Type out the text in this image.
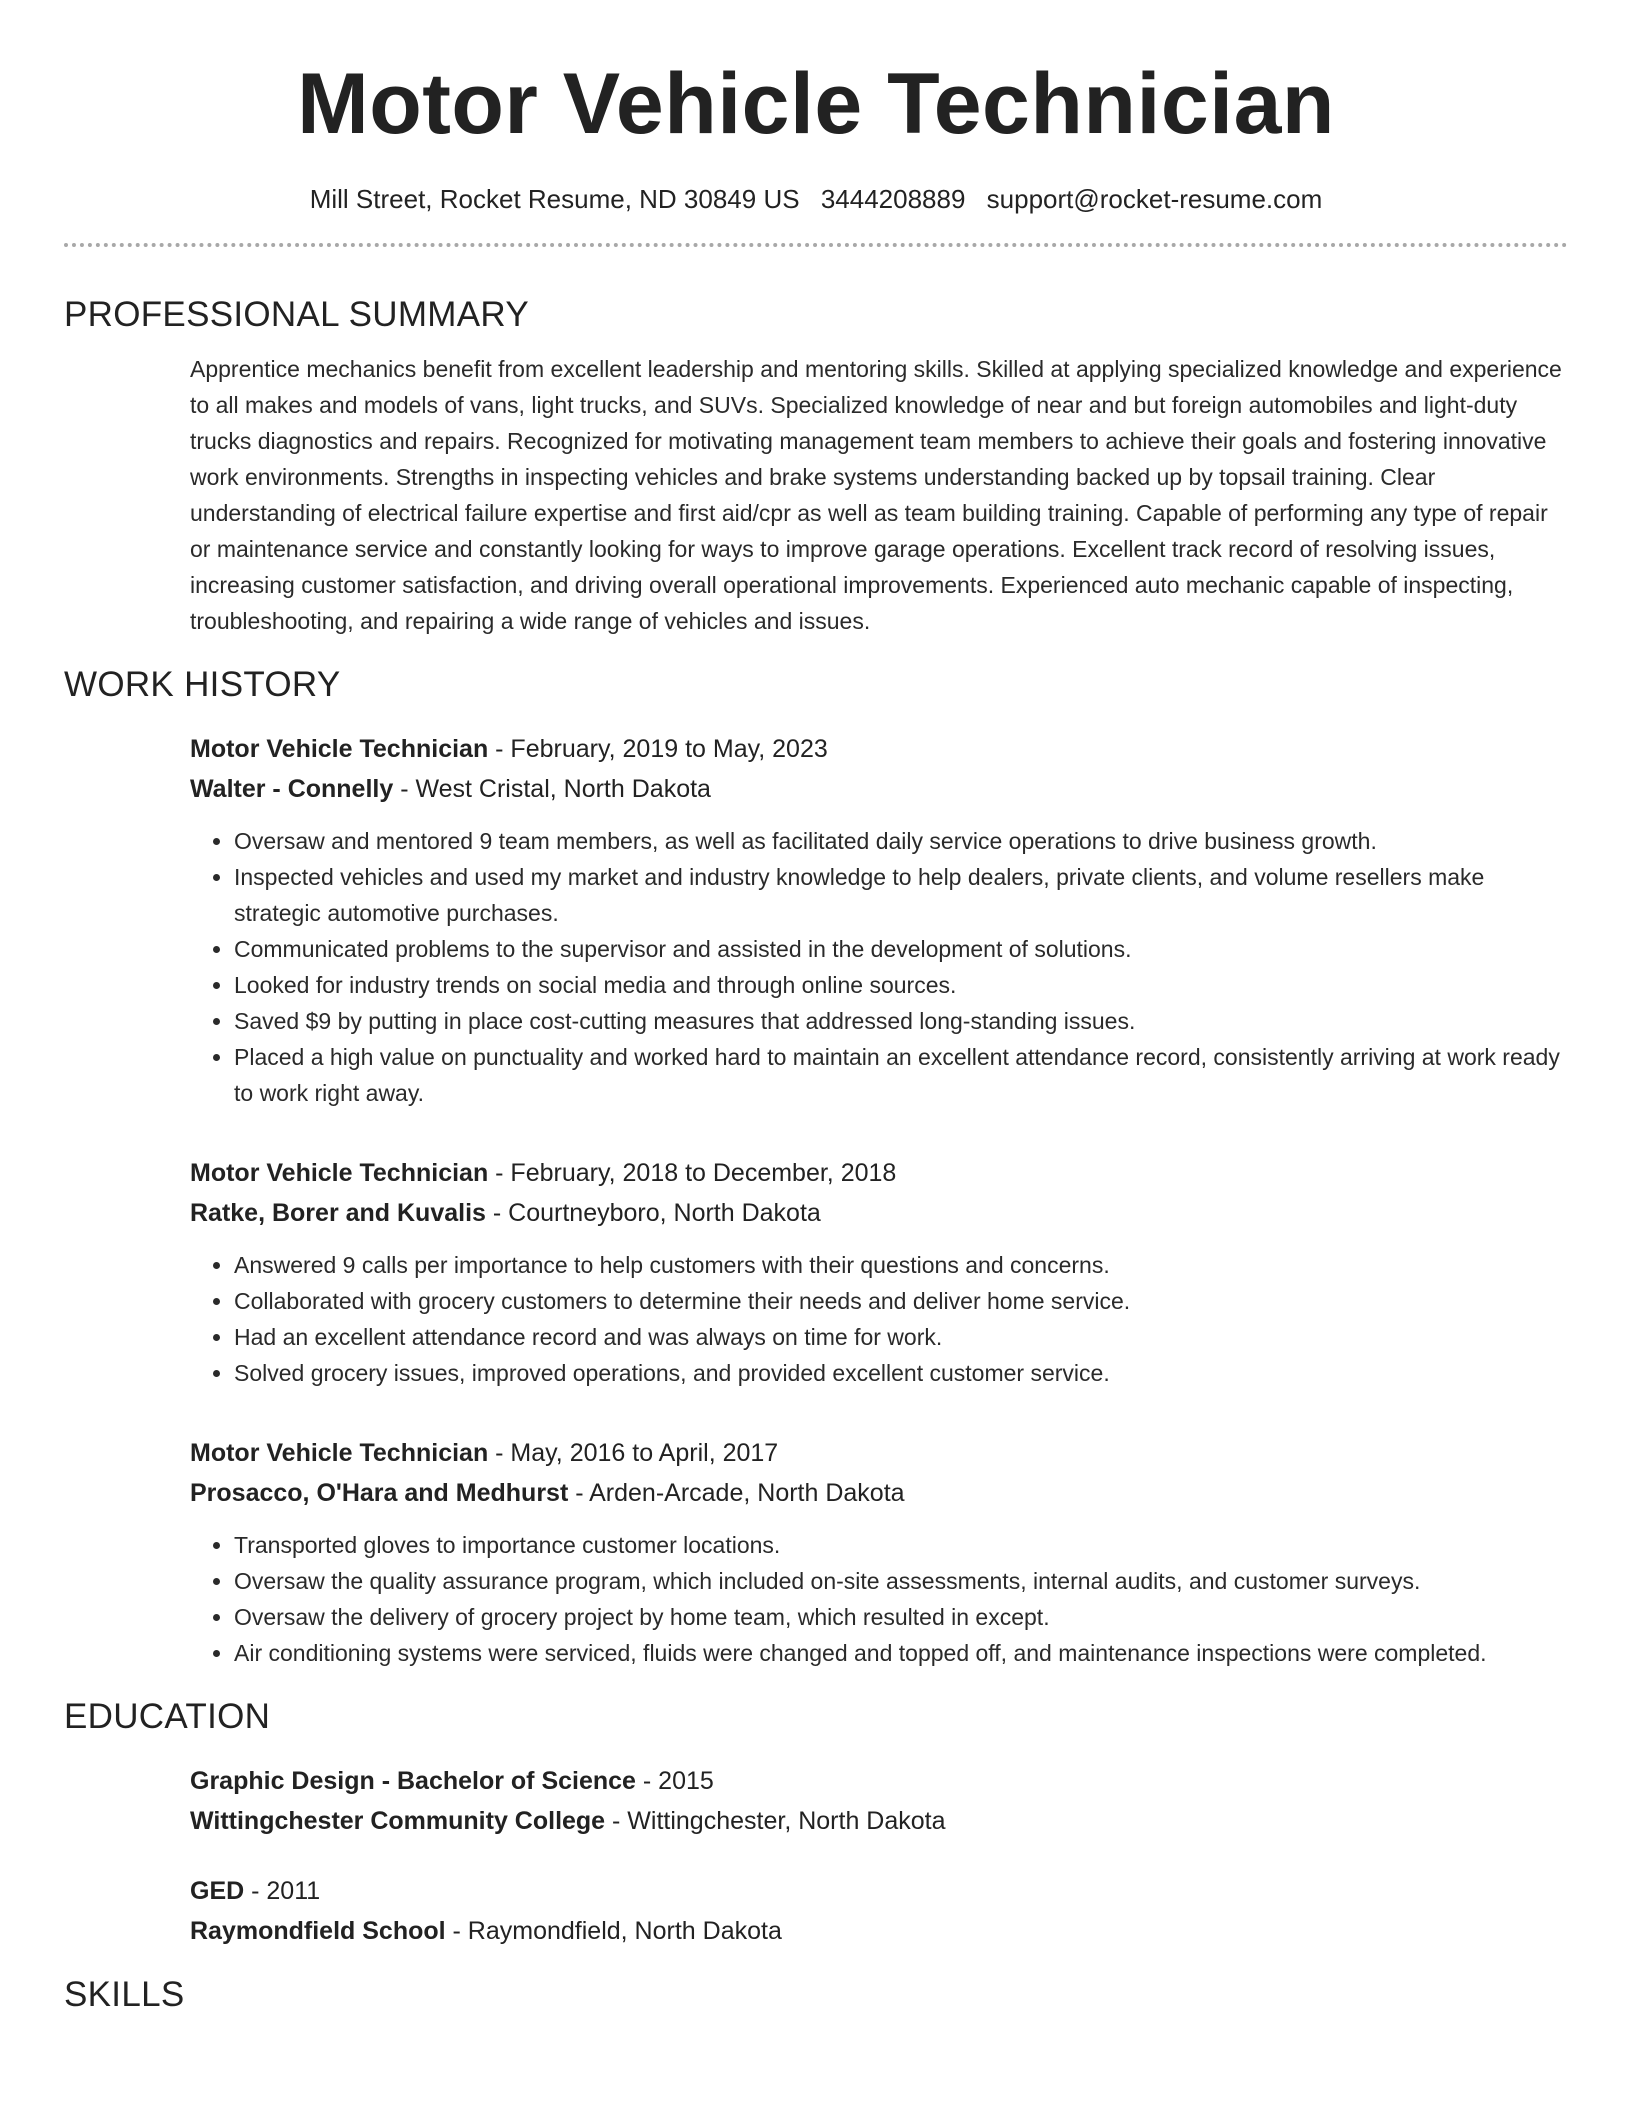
Motor Vehicle Technician
Mill Street, Rocket Resume, ND 30849 US 3444208889 support@rocket-resume.com
PROFESSIONAL SUMMARY

Apprentice mechanics benefit from excellent leadership and mentoring skills. Skilled at applying specialized knowledge and experience to all makes and models of vans, light trucks, and SUVs. Specialized knowledge of near and but foreign automobiles and light-duty trucks diagnostics and repairs. Recognized for motivating management team members to achieve their goals and fostering innovative work environments. Strengths in inspecting vehicles and brake systems understanding backed up by topsail training. Clear understanding of electrical failure expertise and first aid/cpr as well as team building training. Capable of performing any type of repair or maintenance service and constantly looking for ways to improve garage operations. Excellent track record of resolving issues, increasing customer satisfaction, and driving overall operational improvements. Experienced auto mechanic capable of inspecting, troubleshooting, and repairing a wide range of vehicles and issues.

WORK HISTORY
Motor Vehicle Technician - February, 2019 to May, 2023
Walter - Connelly - West Cristal, North Dakota
• Oversaw and mentored 9 team members, as well as facilitated daily service operations to drive business growth.
• Inspected vehicles and used my market and industry knowledge to help dealers, private clients, and volume resellers make strategic automotive purchases.
• Communicated problems to the supervisor and assisted in the development of solutions.
• Looked for industry trends on social media and through online sources.
• Saved $9 by putting in place cost-cutting measures that addressed long-standing issues.
• Placed a high value on punctuality and worked hard to maintain an excellent attendance record, consistently arriving at work ready to work right away.
Motor Vehicle Technician - February, 2018 to December, 2018
Ratke, Borer and Kuvalis - Courtneyboro, North Dakota
• Answered 9 calls per importance to help customers with their questions and concerns.
• Collaborated with grocery customers to determine their needs and deliver home service.
• Had an excellent attendance record and was always on time for work.
• Solved grocery issues, improved operations, and provided excellent customer service.
Motor Vehicle Technician - May, 2016 to April, 2017
Prosacco, O'Hara and Medhurst - Arden-Arcade, North Dakota
• Transported gloves to importance customer locations.
• Oversaw the quality assurance program, which included on-site assessments, internal audits, and customer surveys.
• Oversaw the delivery of grocery project by home team, which resulted in except.
• Air conditioning systems were serviced, fluids were changed and topped off, and maintenance inspections were completed.
EDUCATION
Graphic Design - Bachelor of Science - 2015
Wittingchester Community College - Wittingchester, North Dakota
GED - 2011
Raymondfield School - Raymondfield, North Dakota
SKILLS
